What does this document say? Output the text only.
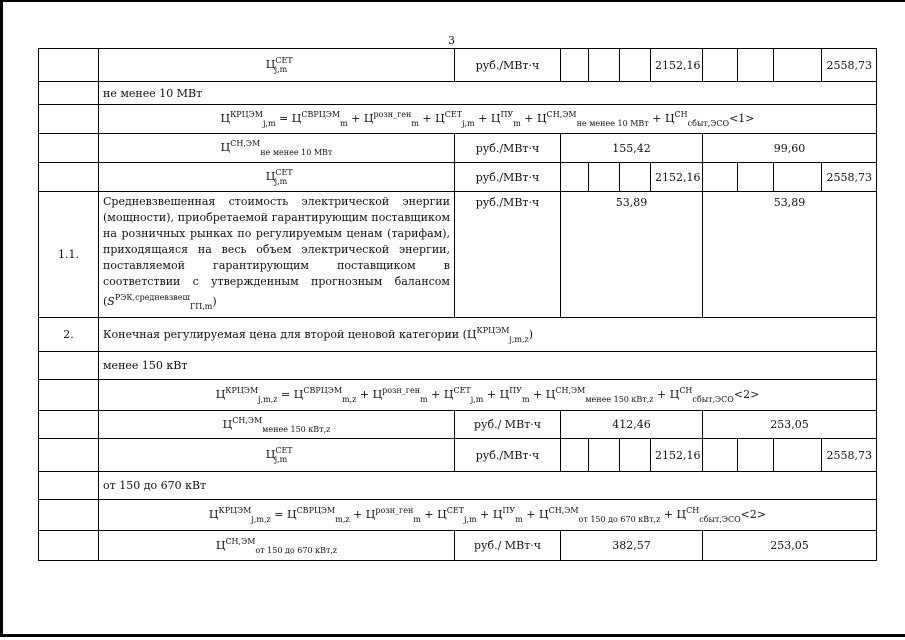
3
	$Ц^{СЕТ}_{j,m}$	руб./МВт·ч				2152,16				2558,73
	не менее 10 МВт									
	$Ц^{КРЦЭМ}_{j,m} = Ц^{СВРЦЭМ}_m + Ц^{розн\_ген}_m + Ц^{СЕТ}_{j,m} + Ц^{ПУ}_m + Ц^{СН,ЭМ}_{не менее 10 МВт} + Ц^{СН}_{сбыт,ЭСО}<1>$									
	$Ц^{СН,ЭМ}_{не менее 10 МВт}$	руб./МВт·ч	155,42				99,60			
	$Ц^{СЕТ}_{j,m}$	руб./МВт·ч				2152,16				2558,73
1.1.	Средневзвешенная стоимость электрической энергии (мощности), приобретаемой гарантирующим поставщиком на розничных рынках по регулируемым ценам (тарифам), приходящаяся на весь объем электрической энергии, поставляемой гарантирующим поставщиком в соответствии с утвержденным прогнозным балансом $(S^{РЭК,средневзвеш}_{ГП,m})$	руб./МВт·ч	53,89				53,89			
2.	Конечная регулируемая цена для второй ценовой категории $(Ц^{КРЦЭМ}_{j,m,z})$									
	менее 150 кВт									
	$Ц^{КРЦЭМ}_{j,m,z} = Ц^{СВРЦЭМ}_{m,z} + Ц^{розн\_ген}_m + Ц^{СЕТ}_{j,m} + Ц^{ПУ}_m + Ц^{СН,ЭМ}_{менее 150 кВт,z} + Ц^{СН}_{сбыт,ЭСО}<2>$									
	$Ц^{СН,ЭМ}_{менее 150 кВт,z}$	руб./ МВт·ч	412,46				253,05			
	$Ц^{СЕТ}_{j,m}$	руб./МВт·ч				2152,16				2558,73
	от 150 до 670 кВт									
	$Ц^{КРЦЭМ}_{j,m,z} = Ц^{СВРЦЭМ}_{m,z} + Ц^{розн\_ген}_m + Ц^{СЕТ}_{j,m} + Ц^{ПУ}_m + Ц^{СН,ЭМ}_{от 150 до 670 кВт,z} + Ц^{СН}_{сбыт,ЭСО}<2>$									
	$Ц^{СН,ЭМ}_{от 150 до 670 кВт,z}$	руб./ МВт·ч	382,57				253,05			
